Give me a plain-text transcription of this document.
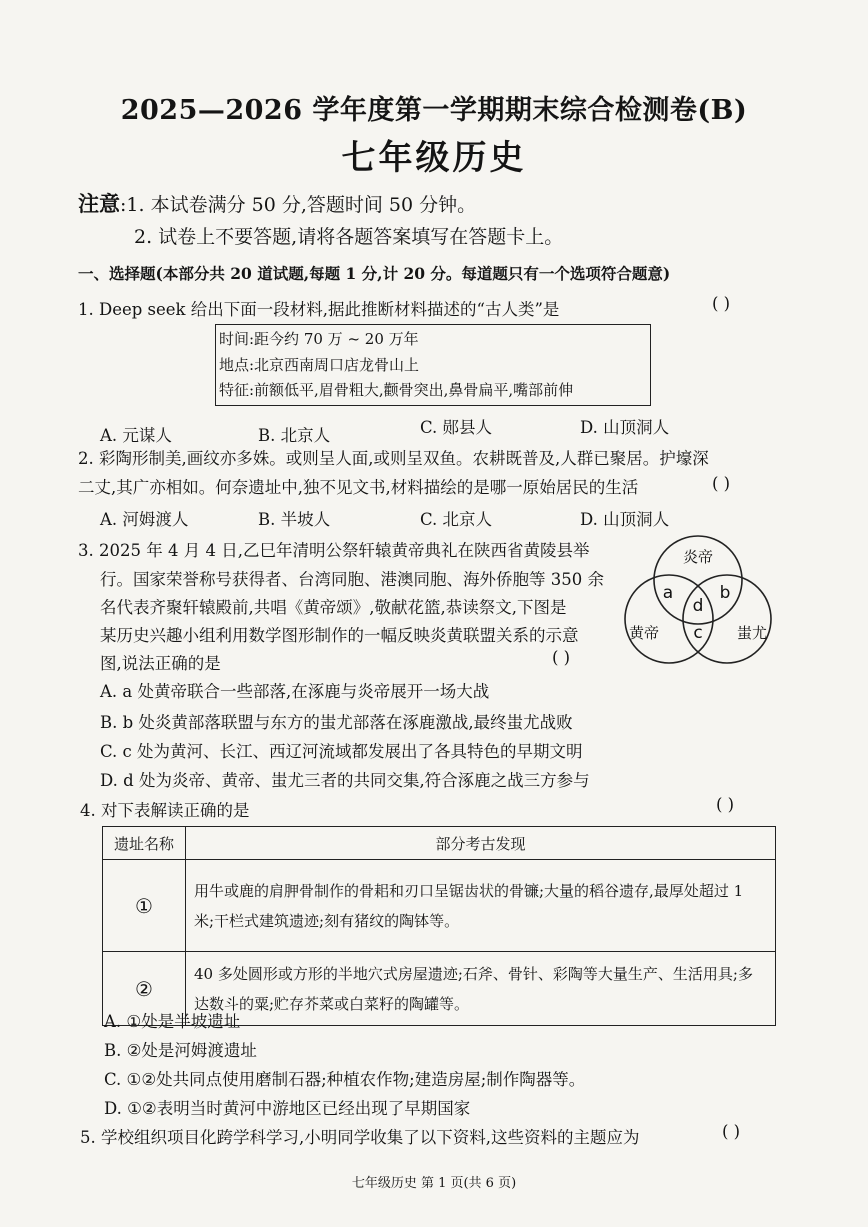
2025—2026 学年度第一学期期末综合检测卷(B)
七年级历史
注意:1. 本试卷满分 50 分,答题时间 50 分钟。
2. 试卷上不要答题,请将各题答案填写在答题卡上。
一、选择题(本部分共 20 道试题,每题 1 分,计 20 分。每道题只有一个选项符合题意)
1. Deep seek 给出下面一段材料,据此推断材料描述的“古人类”是	( )
时间:距今约 70 万 ~ 20 万年
地点:北京西南周口店龙骨山上
特征:前额低平,眉骨粗大,颧骨突出,鼻骨扁平,嘴部前伸
A. 元谋人	B. 北京人	C. 郧县人	D. 山顶洞人
2. 彩陶形制美,画纹亦多姝。或则呈人面,或则呈双鱼。农耕既普及,人群已聚居。护壕深
二丈,其广亦相如。何奈遗址中,独不见文书,材料描绘的是哪一原始居民的生活	( )
A. 河姆渡人	B. 半坡人	C. 北京人	D. 山顶洞人
3. 2025 年 4 月 4 日,乙巳年清明公祭轩辕黄帝典礼在陕西省黄陵县举
行。国家荣誉称号获得者、台湾同胞、港澳同胞、海外侨胞等 350 余
名代表齐聚轩辕殿前,共唱《黄帝颂》,敬献花篮,恭读祭文,下图是
某历史兴趣小组利用数学图形制作的一幅反映炎黄联盟关系的示意
图,说法正确的是	( )
炎帝
黄帝	蚩尤
a	b
d
c
A. a 处黄帝联合一些部落,在涿鹿与炎帝展开一场大战
B. b 处炎黄部落联盟与东方的蚩尤部落在涿鹿激战,最终蚩尤战败
C. c 处为黄河、长江、西辽河流域都发展出了各具特色的早期文明
D. d 处为炎帝、黄帝、蚩尤三者的共同交集,符合涿鹿之战三方参与
4. 对下表解读正确的是	( )
遗址名称	部分考古发现
①	用牛或鹿的肩胛骨制作的骨耜和刃口呈锯齿状的骨镰;大量的稻谷遗存,最厚处超过 1 米;干栏式建筑遗迹;刻有猪纹的陶钵等。
②	40 多处圆形或方形的半地穴式房屋遗迹;石斧、骨针、彩陶等大量生产、生活用具;多达数斗的粟;贮存芥菜或白菜籽的陶罐等。
A. ①处是半坡遗址
B. ②处是河姆渡遗址
C. ①②处共同点使用磨制石器;种植农作物;建造房屋;制作陶器等。
D. ①②表明当时黄河中游地区已经出现了早期国家
5. 学校组织项目化跨学科学习,小明同学收集了以下资料,这些资料的主题应为	( )
七年级历史 第 1 页(共 6 页)
